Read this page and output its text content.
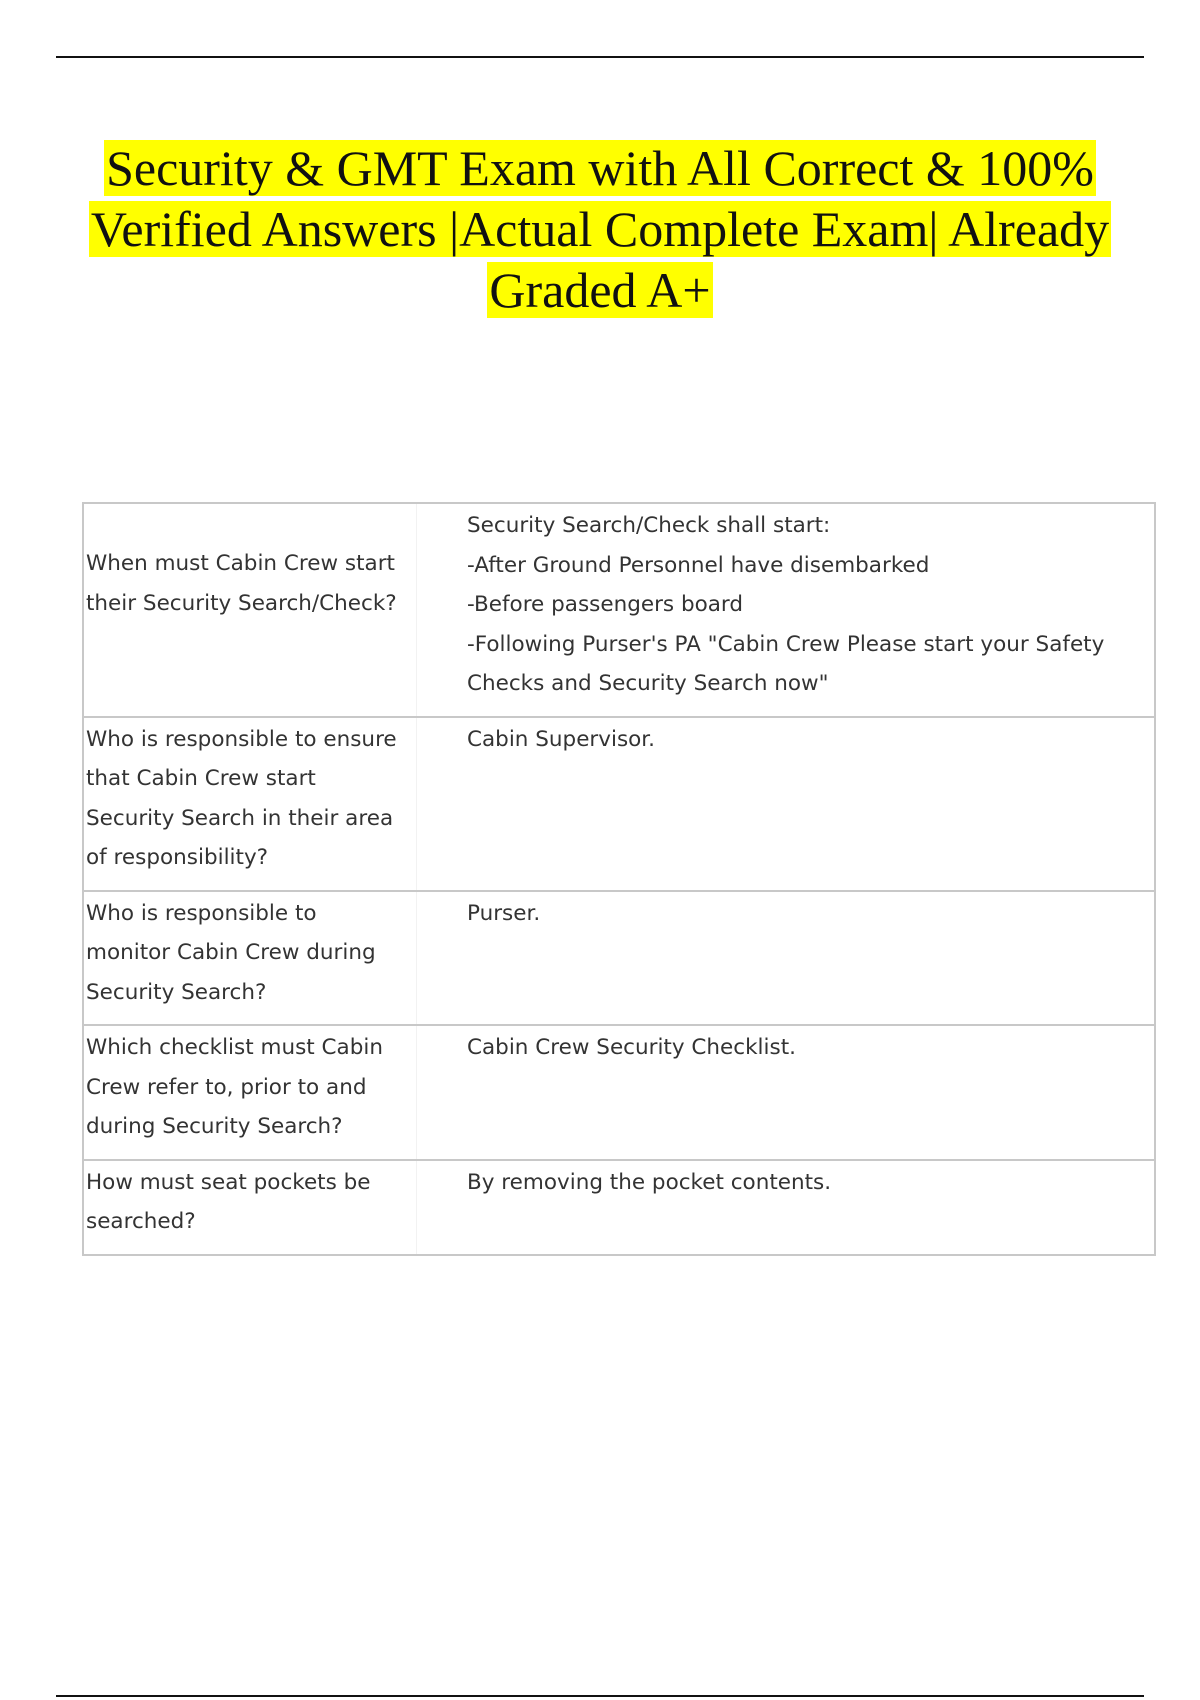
Security & GMT Exam with All Correct & 100% Verified Answers |Actual Complete Exam| Already Graded A+
When must Cabin Crew start their Security Search/Check?	Security Search/Check shall start:
-After Ground Personnel have disembarked
-Before passengers board
-Following Purser's PA "Cabin Crew Please start your Safety Checks and Security Search now"

Who is responsible to ensure that Cabin Crew start Security Search in their area of responsibility?	Cabin Supervisor.

Who is responsible to monitor Cabin Crew during Security Search?	Purser.

Which checklist must Cabin Crew refer to, prior to and during Security Search?	Cabin Crew Security Checklist.

How must seat pockets be searched?	By removing the pocket contents.
